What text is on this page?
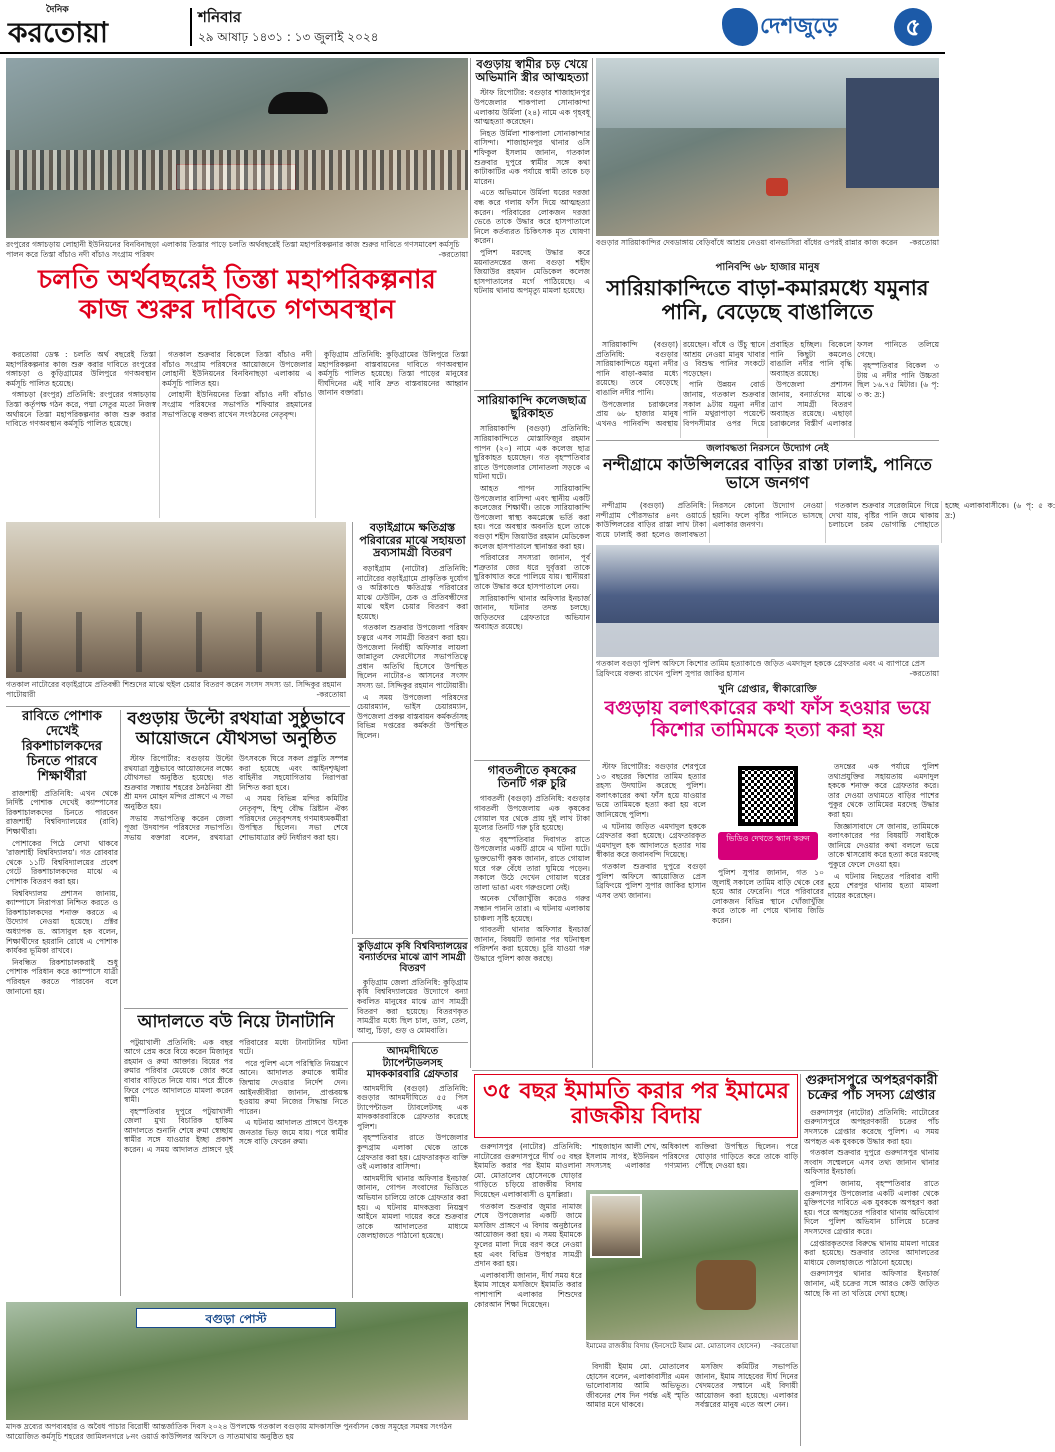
দৈনিক
করতোয়া	শনিবার
২৯ আষাঢ় ১৪৩১ : ১৩ জুলাই ২০২৪	দেশজুড়ে	৫
রংপুরের গঙ্গাচড়ায় লোহানী ইউনিয়নের বিনবিনাছড়া এলাকায় তিস্তার পাড়ে চলতি অর্থবছরেই তিস্তা মহাপরিকল্পনার কাজ শুরুর দাবিতে গণসমাবেশ কর্মসূচি পালন করে তিস্তা বাঁচাও নদী বাঁচাও সংগ্রাম পরিষদ	-করতোয়া
চলতি অর্থবছরেই তিস্তা মহাপরিকল্পনার
কাজ শুরুর দাবিতে গণঅবস্থান

করতোয়া ডেস্ক : চলতি অর্থ বছরেই তিস্তা মহাপরিকল্পনার কাজ শুরু করার দাবিতে রংপুরের গঙ্গাচড়া ও কুড়িগ্রামের উলিপুরে গণঅবস্থান কর্মসূচি পালিত হয়েছে।

গঙ্গাচড়া (রংপুর) প্রতিনিধি: রংপুরের গঙ্গাচড়ায় তিস্তা কর্তৃপক্ষ গঠন করে, পদ্মা সেতুর মতো নিজস্ব অর্থায়নে তিস্তা মহাপরিকল্পনার কাজ শুরু করার দাবিতে গণঅবস্থান কর্মসূচি পালিত হয়েছে।

গতকাল শুক্রবার বিকেলে তিস্তা বাঁচাও নদী বাঁচাও সংগ্রাম পরিষদের আয়োজনে উপজেলার লোহানী ইউনিয়নের বিনবিনাছড়া এলাকায় এ কর্মসূচি পালিত হয়।

লোহানী ইউনিয়নের তিস্তা বাঁচাও নদী বাঁচাও সংগ্রাম পরিষদের সভাপতি শফিয়ার রহমানের সভাপতিত্বে বক্তব্য রাখেন সংগঠনের নেতৃবৃন্দ।

কুড়িগ্রাম প্রতিনিধি: কুড়িগ্রামের উলিপুরে তিস্তা মহাপরিকল্পনা বাস্তবায়নের দাবিতে গণঅবস্থান কর্মসূচি পালিত হয়েছে। তিস্তা পাড়ের মানুষের দীর্ঘদিনের এই দাবি দ্রুত বাস্তবায়নের আহ্বান জানান বক্তারা।

গতকাল নাটোরের বড়াইগ্রামে প্রতিবন্ধী শিশুদের মাঝে হুইল চেয়ার বিতরণ করেন সংসদ সদস্য ডা. সিদ্দিকুর রহমান পাটোয়ারী	-করতোয়া
বড়াইগ্রামে ক্ষতিগ্রস্ত পরিবারের মাঝে সহায়তা দ্রব্যসামগ্রী বিতরণ

বড়াইগ্রাম (নাটোর) প্রতিনিধি: নাটোরের বড়াইগ্রামে প্রাকৃতিক দুর্যোগ ও অগ্নিকাণ্ডে ক্ষতিগ্রস্ত পরিবারের মাঝে ঢেউটিন, চেক ও প্রতিবন্ধীদের মাঝে হুইল চেয়ার বিতরণ করা হয়েছে।

গতকাল শুক্রবার উপজেলা পরিষদ চত্বরে এসব সামগ্রী বিতরণ করা হয়। উপজেলা নির্বাহী অফিসার লায়লা জান্নাতুল ফেরদৌসের সভাপতিত্বে প্রধান অতিথি হিসেবে উপস্থিত ছিলেন নাটোর-৪ আসনের সংসদ সদস্য ডা. সিদ্দিকুর রহমান পাটোয়ারী।

এ সময় উপজেলা পরিষদের চেয়ারম্যান, ভাইস চেয়ারম্যান, উপজেলা প্রকল্প বাস্তবায়ন কর্মকর্তাসহ বিভিন্ন দপ্তরের কর্মকর্তা উপস্থিত ছিলেন।

রাবিতে পোশাক দেখেই রিকশাচালকদের চিনতে পারবে শিক্ষার্থীরা

রাজশাহী প্রতিনিধি: এখন থেকে নির্দিষ্ট পোশাক দেখেই ক্যাম্পাসের রিকশাচালকদের চিনতে পারবেন রাজশাহী বিশ্ববিদ্যালয়ের (রাবি) শিক্ষার্থীরা।

পোশাকের পিঠে লেখা থাকবে 'রাজশাহী বিশ্ববিদ্যালয়'। গত রোববার থেকে ১১টি বিশ্ববিদ্যালয়ের প্রবেশ গেটে রিকশাচালকদের মাঝে এ পোশাক বিতরণ করা হয়।

বিশ্ববিদ্যালয় প্রশাসন জানায়, ক্যাম্পাসে নিরাপত্তা নিশ্চিত করতে ও রিকশাচালকদের শনাক্ত করতে এ উদ্যোগ নেওয়া হয়েছে। প্রক্টর অধ্যাপক ড. আসাবুল হক বলেন, শিক্ষার্থীদের হয়রানি রোধে এ পোশাক কার্যকর ভূমিকা রাখবে।

নিবন্ধিত রিকশাচালকরাই শুধু পোশাক পরিধান করে ক্যাম্পাসে যাত্রী পরিবহন করতে পারবেন বলে জানানো হয়।

বগুড়ায় উল্টো রথযাত্রা সুষ্ঠুভাবে আয়োজনে যৌথসভা অনুষ্ঠিত

স্টাফ রিপোর্টার: বগুড়ায় উল্টো রথযাত্রা সুষ্ঠুভাবে আয়োজনের লক্ষ্যে যৌথসভা অনুষ্ঠিত হয়েছে। গত শুক্রবার সন্ধ্যায় শহরের ঠনঠনিয়া শ্রী শ্রী মদন মোহন মন্দির প্রাঙ্গণে এ সভা অনুষ্ঠিত হয়।

সভায় সভাপতিত্ব করেন জেলা পূজা উদযাপন পরিষদের সভাপতি। সভায় বক্তারা বলেন, রথযাত্রা উৎসবকে ঘিরে সকল প্রস্তুতি সম্পন্ন করা হয়েছে এবং আইনশৃঙ্খলা বাহিনীর সহযোগিতায় নিরাপত্তা নিশ্চিত করা হবে।

এ সময় বিভিন্ন মন্দির কমিটির নেতৃবৃন্দ, হিন্দু বৌদ্ধ খ্রিষ্টান ঐক্য পরিষদের নেতৃবৃন্দসহ গণমাধ্যমকর্মীরা উপস্থিত ছিলেন। সভা শেষে শোভাযাত্রার রুট নির্ধারণ করা হয়।

আদালতে বউ নিয়ে টানাটানি

পটুয়াখালী প্রতিনিধি: এক বছর আগে প্রেম করে বিয়ে করেন মিজানুর রহমান ও রুমা আক্তার। বিয়ের পর রুমার পরিবার মেয়েকে জোর করে বাবার বাড়িতে নিয়ে যায়। পরে স্ত্রীকে ফিরে পেতে আদালতে মামলা করেন স্বামী।

বৃহস্পতিবার দুপুরে পটুয়াখালী জেলা মুখ্য বিচারিক হাকিম আদালতে শুনানি শেষে রুমা স্বেচ্ছায় স্বামীর সঙ্গে যাওয়ার ইচ্ছা প্রকাশ করেন। এ সময় আদালত প্রাঙ্গণে দুই পরিবারের মধ্যে টানাটানির ঘটনা ঘটে।

পরে পুলিশ এসে পরিস্থিতি নিয়ন্ত্রণে আনে। আদালত রুমাকে স্বামীর জিম্মায় দেওয়ার নির্দেশ দেন। আইনজীবীরা জানান, প্রাপ্তবয়স্ক হওয়ায় রুমা নিজের সিদ্ধান্ত নিতে পারেন।

এ ঘটনায় আদালত প্রাঙ্গণে উৎসুক জনতার ভিড় জমে যায়। পরে স্বামীর সঙ্গে বাড়ি ফেরেন রুমা।

কুড়িগ্রামে কৃষি বিশ্ববিদ্যালয়ের বন্যার্তদের মাঝে ত্রাণ সামগ্রী বিতরণ

কুড়িগ্রাম জেলা প্রতিনিধি: কুড়িগ্রাম কৃষি বিশ্ববিদ্যালয়ের উদ্যোগে বন্যা কবলিত মানুষের মাঝে ত্রাণ সামগ্রী বিতরণ করা হয়েছে। বিতরণকৃত সামগ্রীর মধ্যে ছিল চাল, ডাল, তেল, আলু, চিড়া, গুড় ও মোমবাতি।

আদমদীঘিতে ট্যাপেন্টাডলসহ মাদককারবারি গ্রেফতার

আদমদীঘি (বগুড়া) প্রতিনিধি: বগুড়ার আদমদীঘিতে ৫৫ পিস ট্যাপেন্টাডল ট্যাবলেটসহ এক মাদককারবারিকে গ্রেফতার করেছে পুলিশ।

বৃহস্পতিবার রাতে উপজেলার কুন্দগ্রাম এলাকা থেকে তাকে গ্রেফতার করা হয়। গ্রেফতারকৃত ব্যক্তি ওই এলাকার বাসিন্দা।

আদমদীঘি থানার অফিসার ইনচার্জ জানান, গোপন সংবাদের ভিত্তিতে অভিযান চালিয়ে তাকে গ্রেফতার করা হয়। এ ঘটনায় মাদকদ্রব্য নিয়ন্ত্রণ আইনে মামলা দায়ের করে শুক্রবার তাকে আদালতের মাধ্যমে জেলহাজতে পাঠানো হয়েছে।

বগুড়া পোস্ট
মাদক দ্রব্যের অপব্যবহার ও অবৈধ পাচার বিরোধী আন্তর্জাতিক দিবস ২০২৪ উপলক্ষে গতকাল বগুড়ায় মাদকাসক্তি পুনর্বাসন কেন্দ্র সমূহের সমন্বয় সংগঠন আয়োজিত কর্মসূচি শহরের জামিলনগরে ৮নং ওয়ার্ড কাউন্সিলর অফিসে ও সাতমাথায় অনুষ্ঠিত হয়
বগুড়ায় স্বামীর চড় খেয়ে অভিমানি স্ত্রীর আত্মহত্যা

স্টাফ রিপোর্টার: বগুড়ার শাজাহানপুর উপজেলার শাকপালা সোনাকান্দা এলাকায় উর্মিলা (২৪) নামে এক গৃহবধূ আত্মহত্যা করেছেন।

নিহত উর্মিলা শাকপালা সোনাকান্দার বাসিন্দা। শাজাহানপুর থানার ওসি শফিকুল ইসলাম জানান, গতকাল শুক্রবার দুপুরে স্বামীর সঙ্গে কথা কাটাকাটির এক পর্যায়ে স্বামী তাকে চড় মারেন।

এতে অভিমানে উর্মিলা ঘরের দরজা বন্ধ করে গলায় ফাঁস দিয়ে আত্মহত্যা করেন। পরিবারের লোকজন দরজা ভেঙে তাকে উদ্ধার করে হাসপাতালে নিলে কর্তব্যরত চিকিৎসক মৃত ঘোষণা করেন।

পুলিশ মরদেহ উদ্ধার করে ময়নাতদন্তের জন্য বগুড়া শহীদ জিয়াউর রহমান মেডিকেল কলেজ হাসপাতালের মর্গে পাঠিয়েছে। এ ঘটনায় থানায় অপমৃত্যু মামলা হয়েছে।

সারিয়াকান্দি কলেজছাত্র ছুরিকাহত

সারিয়াকান্দি (বগুড়া) প্রতিনিধি: সারিয়াকান্দিতে মোস্তাফিজুর রহমান পাপন (২০) নামে এক কলেজ ছাত্র ছুরিকাহত হয়েছেন। গত বৃহস্পতিবার রাতে উপজেলার সোনাতলা সড়কে এ ঘটনা ঘটে।

আহত পাপন সারিয়াকান্দি উপজেলার বাসিন্দা এবং স্থানীয় একটি কলেজের শিক্ষার্থী। তাকে সারিয়াকান্দি উপজেলা স্বাস্থ্য কমপ্লেক্সে ভর্তি করা হয়। পরে অবস্থার অবনতি হলে তাকে বগুড়া শহীদ জিয়াউর রহমান মেডিকেল কলেজ হাসপাতালে স্থানান্তর করা হয়।

পরিবারের সদস্যরা জানান, পূর্ব শত্রুতার জের ধরে দুর্বৃত্তরা তাকে ছুরিকাঘাত করে পালিয়ে যায়। স্থানীয়রা তাকে উদ্ধার করে হাসপাতালে নেয়।

সারিয়াকান্দি থানার অফিসার ইনচার্জ জানান, ঘটনার তদন্ত চলছে। জড়িতদের গ্রেফতারে অভিযান অব্যাহত রয়েছে।

গাবতলীতে কৃষকের তিনটি গরু চুরি

গাবতলী (বগুড়া) প্রতিনিধি: বগুড়ার গাবতলী উপজেলায় এক কৃষকের গোয়াল ঘর থেকে প্রায় দুই লাখ টাকা মূল্যের তিনটি গরু চুরি হয়েছে।

গত বৃহস্পতিবার দিবাগত রাতে উপজেলার একটি গ্রামে এ ঘটনা ঘটে। ভুক্তভোগী কৃষক জানান, রাতে গোয়াল ঘরে গরু বেঁধে তারা ঘুমিয়ে পড়েন। সকালে উঠে দেখেন গোয়াল ঘরের তালা ভাঙা এবং গরুগুলো নেই।

অনেক খোঁজাখুঁজি করেও গরুর সন্ধান পাননি তারা। এ ঘটনায় এলাকায় চাঞ্চল্য সৃষ্টি হয়েছে।

গাবতলী থানার অফিসার ইনচার্জ জানান, বিষয়টি জানার পর ঘটনাস্থল পরিদর্শন করা হয়েছে। চুরি যাওয়া গরু উদ্ধারে পুলিশ কাজ করছে।

বগুড়ার সারিয়াকান্দির দেবডাঙ্গায় বেড়িবাঁধে আশ্রয় নেওয়া বানভাসিরা বাঁধের ওপরই রান্নার কাজ করেন -করতোয়া
পানিবন্দি ৬৮ হাজার মানুষ
সারিয়াকান্দিতে বাড়া-কমারমধ্যে যমুনার পানি, বেড়েছে বাঙালিতে

সারিয়াকান্দি (বগুড়া) প্রতিনিধি: বগুড়ার সারিয়াকান্দিতে যমুনা নদীর পানি বাড়া-কমার মধ্যে রয়েছে। তবে বেড়েছে বাঙালি নদীর পানি।

উপজেলার চরাঞ্চলের প্রায় ৬৮ হাজার মানুষ এখনও পানিবন্দি অবস্থায় রয়েছেন। বাঁধে ও উঁচু স্থানে আশ্রয় নেওয়া মানুষ খাবার ও বিশুদ্ধ পানির সংকটে পড়েছেন।

পানি উন্নয়ন বোর্ড জানায়, গতকাল শুক্রবার সকাল ৯টায় যমুনা নদীর পানি মথুরাপাড়া পয়েন্টে বিপদসীমার ওপর দিয়ে প্রবাহিত হচ্ছিল। বিকেলে পানি কিছুটা কমলেও বাঙালি নদীর পানি বৃদ্ধি অব্যাহত রয়েছে।

উপজেলা প্রশাসন জানায়, বন্যার্তদের মাঝে ত্রাণ সামগ্রী বিতরণ অব্যাহত রয়েছে। এছাড়া চরাঞ্চলের বিস্তীর্ণ এলাকার ফসল পানিতে তলিয়ে গেছে।

বৃহস্পতিবার বিকেল ৩ টায় এ নদীর পানি উচ্চতা ছিল ১৬.৭৫ মিটার। (৬ পৃ: ৩ ক: দ্র:)

জলাবদ্ধতা নিরসনে উদ্যোগ নেই
নন্দীগ্রামে কাউন্সিলরের বাড়ির রাস্তা ঢালাই, পানিতে ভাসে জনগণ

নন্দীগ্রাম (বগুড়া) প্রতিনিধি: নন্দীগ্রাম পৌরসভার ৪নং ওয়ার্ডে কাউন্সিলরের বাড়ির রাস্তা লাখ টাকা ব্যয়ে ঢালাই করা হলেও জলাবদ্ধতা নিরসনে কোনো উদ্যোগ নেওয়া হয়নি। ফলে বৃষ্টির পানিতে ভাসছে এলাকার জনগণ।

গতকাল শুক্রবার সরেজমিনে গিয়ে দেখা যায়, বৃষ্টির পানি জমে থাকায় চলাচলে চরম ভোগান্তি পোহাতে হচ্ছে এলাকাবাসীকে। (৬ পৃ: ৫ ক: দ্র:)

গতকাল বগুড়া পুলিশ অফিসে কিশোর তামিম হত্যাকাণ্ডে জড়িত এমদাদুল হককে গ্রেফতার এবং এ ব্যাপারে প্রেস ব্রিফিংয়ে বক্তব্য রাখেন পুলিশ সুপার জাকির হাসান	-করতোয়া
খুনি গ্রেপ্তার, স্বীকারোক্তি
বগুড়ায় বলাৎকারের কথা ফাঁস হওয়ার ভয়ে কিশোর তামিমকে হত্যা করা হয়

স্টাফ রিপোর্টার: বগুড়ার শেরপুরে ১৩ বছরের কিশোর তামিম হত্যার রহস্য উদঘাটন করেছে পুলিশ। বলাৎকারের কথা ফাঁস হয়ে যাওয়ার ভয়ে তামিমকে হত্যা করা হয় বলে জানিয়েছে পুলিশ।

এ ঘটনায় জড়িত এমদাদুল হককে গ্রেফতার করা হয়েছে। গ্রেফতারকৃত এমদাদুল হক আদালতে হত্যার দায় স্বীকার করে জবানবন্দি দিয়েছে।

গতকাল শুক্রবার দুপুরে বগুড়া পুলিশ অফিসে আয়োজিত প্রেস ব্রিফিংয়ে পুলিশ সুপার জাকির হাসান এসব তথ্য জানান।

ভিডিও দেখতে স্ক্যান করুন

পুলিশ সুপার জানান, গত ১০ জুলাই সকালে তামিম বাড়ি থেকে বের হয়ে আর ফেরেনি। পরে পরিবারের লোকজন বিভিন্ন স্থানে খোঁজাখুঁজি করে তাকে না পেয়ে থানায় জিডি করেন।

তদন্তের এক পর্যায়ে পুলিশ তথ্যপ্রযুক্তির সহায়তায় এমদাদুল হককে শনাক্ত করে গ্রেফতার করে। তার দেওয়া তথ্যমতে বাড়ির পাশের পুকুর থেকে তামিমের মরদেহ উদ্ধার করা হয়।

জিজ্ঞাসাবাদে সে জানায়, তামিমকে বলাৎকারের পর বিষয়টি সবাইকে জানিয়ে দেওয়ার কথা বললে ভয়ে তাকে শ্বাসরোধ করে হত্যা করে মরদেহ পুকুরে ফেলে দেওয়া হয়।

এ ঘটনায় নিহতের পরিবার বাদী হয়ে শেরপুর থানায় হত্যা মামলা দায়ের করেছেন।

৩৫ বছর ইমামতি করার পর ইমামের রাজকীয় বিদায়

গুরুদাসপুর (নাটোর) প্রতিনিধি: নাটোরের গুরুদাসপুরে দীর্ঘ ৩৫ বছর ইমামতি করার পর ইমাম মাওলানা মো. মোতালেব হোসেনকে ঘোড়ার গাড়িতে চড়িয়ে রাজকীয় বিদায় দিয়েছেন এলাকাবাসী ও মুসল্লিরা।

গতকাল শুক্রবার জুমার নামাজ শেষে উপজেলার একটি জামে মসজিদ প্রাঙ্গণে এ বিদায় অনুষ্ঠানের আয়োজন করা হয়। এ সময় ইমামকে ফুলের মালা দিয়ে বরণ করে নেওয়া হয় এবং বিভিন্ন উপহার সামগ্রী প্রদান করা হয়।

এলাকাবাসী জানান, দীর্ঘ সময় ধরে ইমাম সাহেব মসজিদে ইমামতি করার পাশাপাশি এলাকার শিশুদের কোরআন শিক্ষা দিয়েছেন।

শাহজাহান আলী শেখ, অধিকাংশ ইসলাম সাগর, ইউনিয়ন পরিষদের সদস্যসহ এলাকার গণ্যমান্য ব্যক্তিরা উপস্থিত ছিলেন। পরে ঘোড়ার গাড়িতে করে তাকে বাড়ি পৌঁছে দেওয়া হয়।

ইমামের রাজকীয় বিদায় (ইনসেটে ইমাম মো. মোতালেব হোসেন) -করতোয়া

বিদায়ী ইমাম মো. মোতালেব হোসেন বলেন, এলাকাবাসীর এমন ভালোবাসায় আমি অভিভূত। জীবনের শেষ দিন পর্যন্ত এই স্মৃতি আমার মনে থাকবে।

মসজিদ কমিটির সভাপতি জানান, ইমাম সাহেবের দীর্ঘ দিনের খেদমতের সম্মানে এই বিদায়ী আয়োজন করা হয়েছে। এলাকার সর্বস্তরের মানুষ এতে অংশ নেন।

গুরুদাসপুরে অপহরণকারী চক্রের পাঁচ সদস্য গ্রেপ্তার

গুরুদাসপুর (নাটোর) প্রতিনিধি: নাটোরের গুরুদাসপুরে অপহরণকারী চক্রের পাঁচ সদস্যকে গ্রেপ্তার করেছে পুলিশ। এ সময় অপহৃত এক যুবককে উদ্ধার করা হয়।

গতকাল শুক্রবার দুপুরে গুরুদাসপুর থানায় সংবাদ সম্মেলনে এসব তথ্য জানান থানার অফিসার ইনচার্জ।

পুলিশ জানায়, বৃহস্পতিবার রাতে গুরুদাসপুর উপজেলার একটি এলাকা থেকে মুক্তিপণের দাবিতে এক যুবককে অপহরণ করা হয়। পরে অপহৃতের পরিবার থানায় অভিযোগ দিলে পুলিশ অভিযান চালিয়ে চক্রের সদস্যদের গ্রেপ্তার করে।

গ্রেপ্তারকৃতদের বিরুদ্ধে থানায় মামলা দায়ের করা হয়েছে। শুক্রবার তাদের আদালতের মাধ্যমে জেলহাজতে পাঠানো হয়েছে।

গুরুদাসপুর থানার অফিসার ইনচার্জ জানান, এই চক্রের সঙ্গে আরও কেউ জড়িত আছে কি না তা খতিয়ে দেখা হচ্ছে।
